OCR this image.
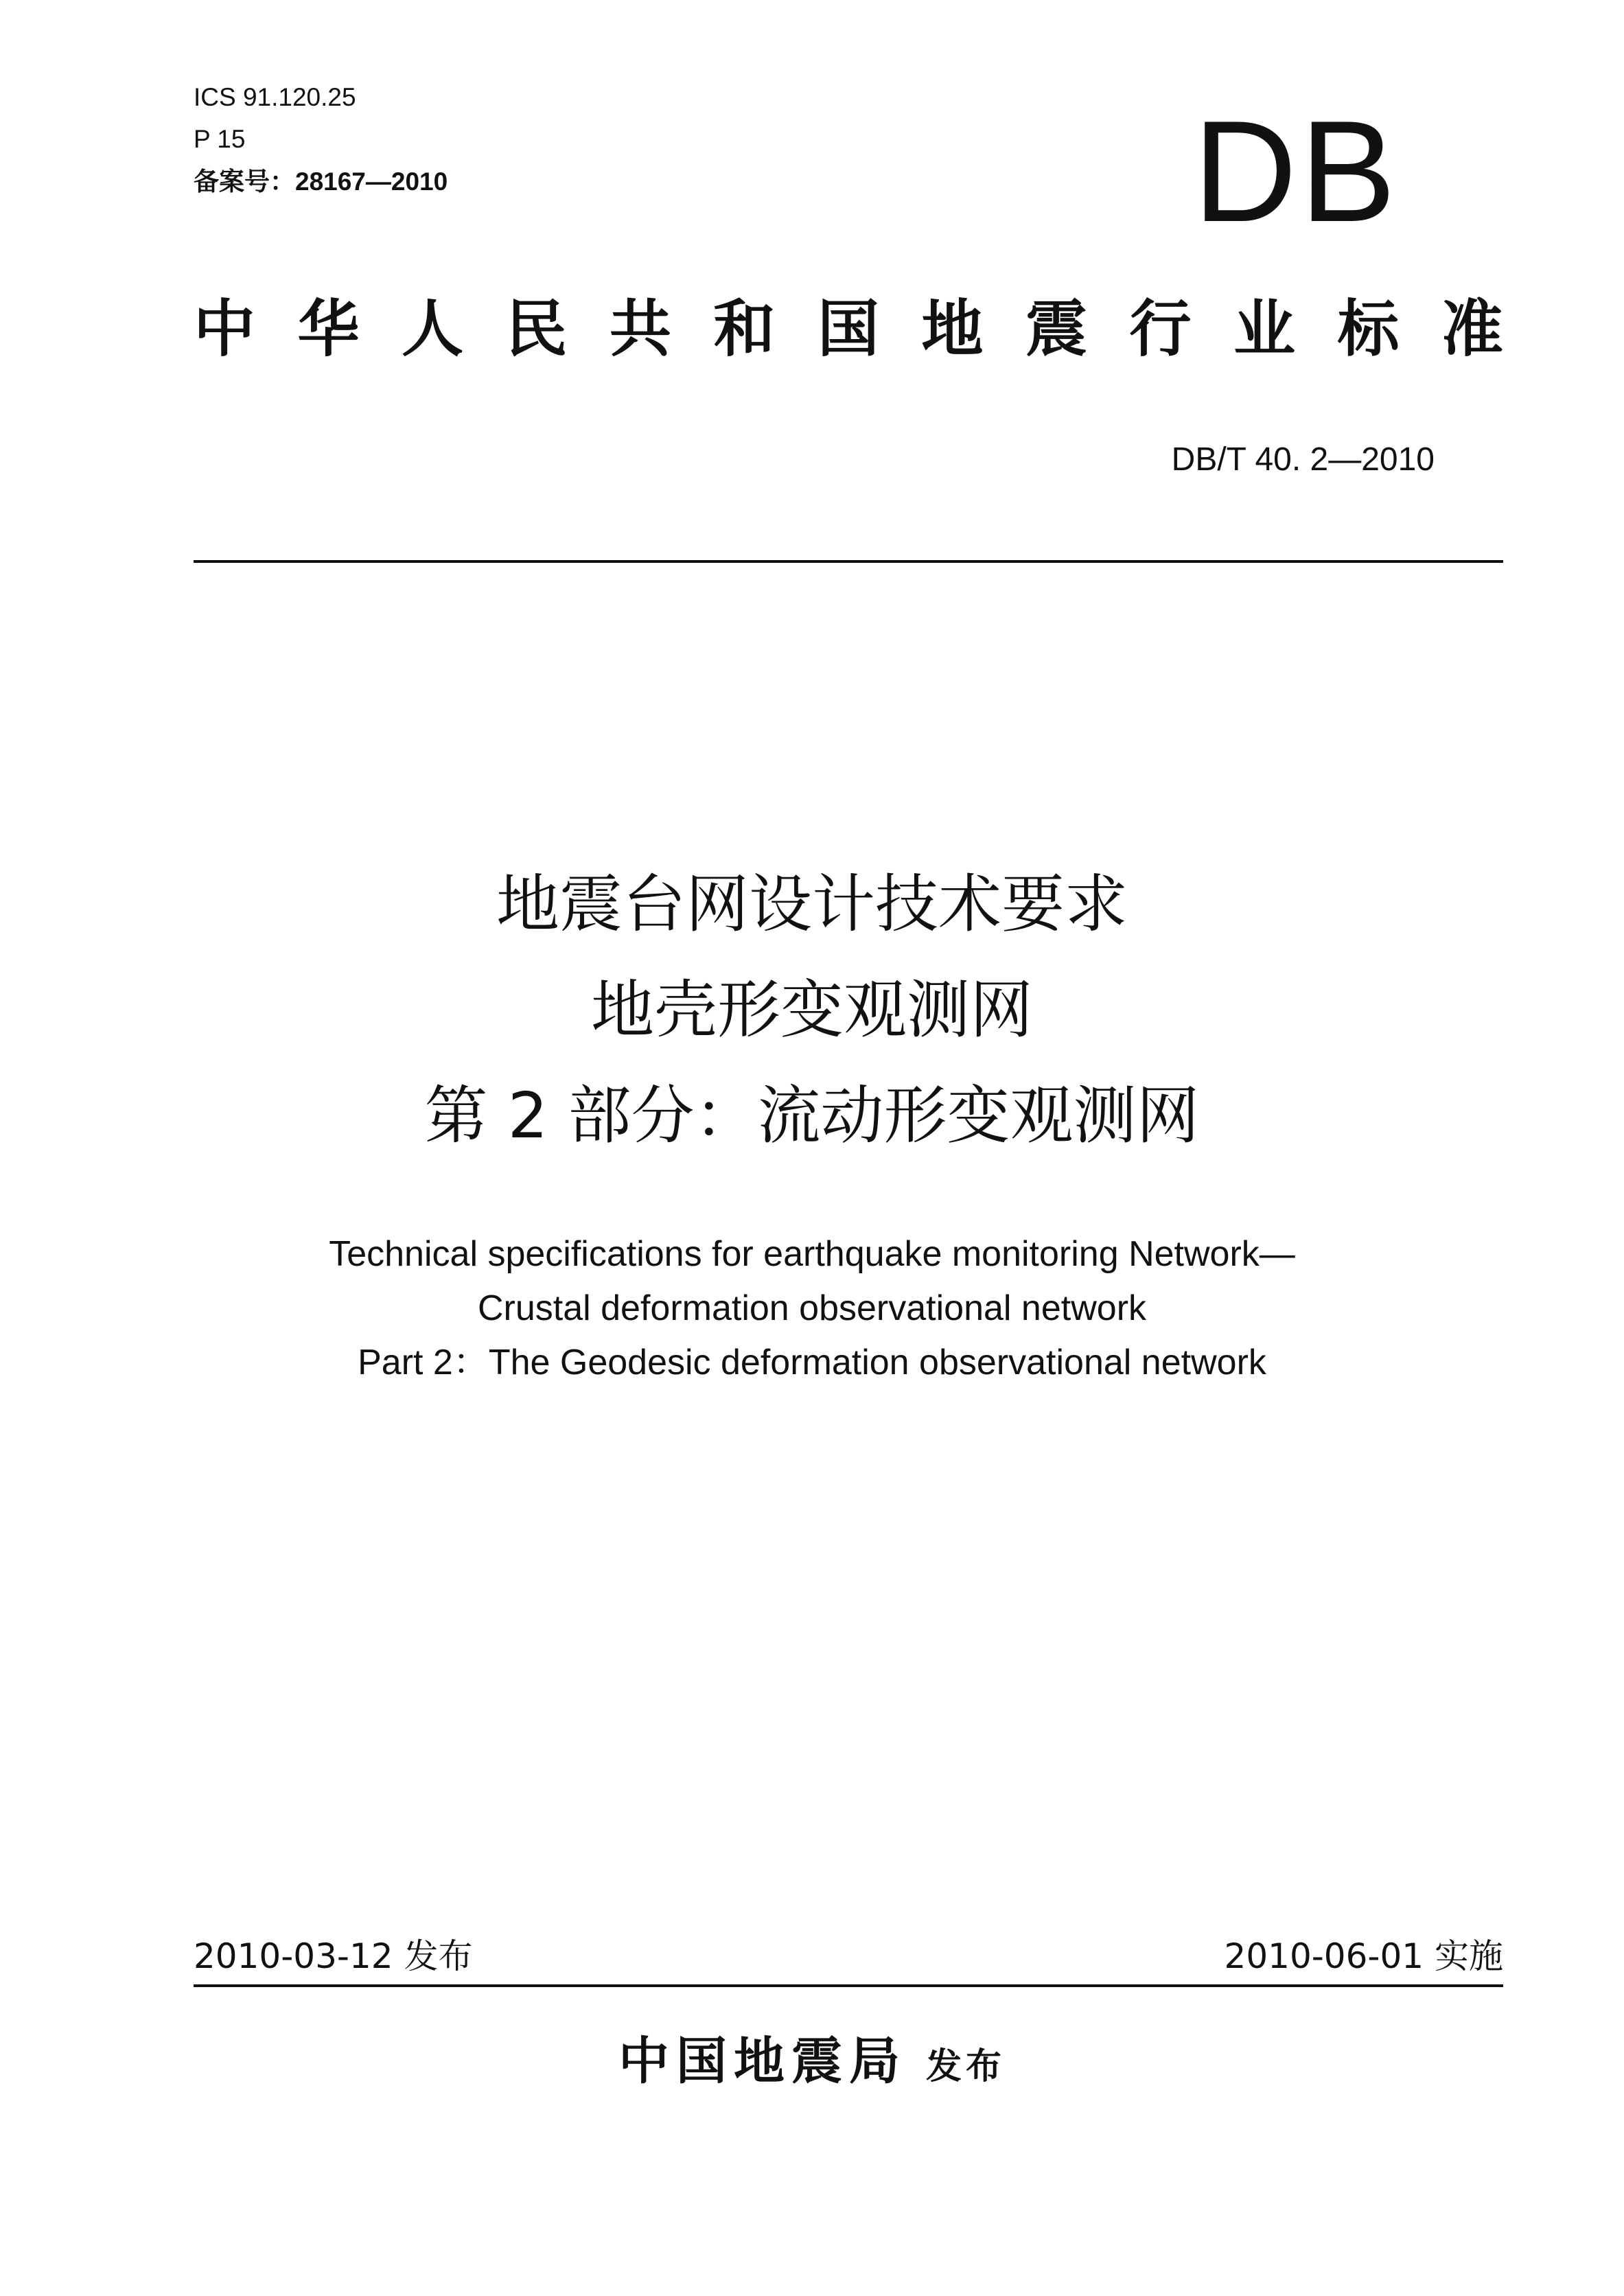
ICS 91.120.25
P 15
备案号：28167—2010	DB
中 华 人 民 共 和 国 地 震 行 业 标 准
DB/T 40. 2—2010
地震台网设计技术要求
地壳形变观测网
第 2 部分：流动形变观测网
Technical specifications for earthquake monitoring Network—
Crustal deformation observational network
Part 2：The Geodesic deformation observational network
2010-03-12 发布	2010-06-01 实施
中国地震局 发布
